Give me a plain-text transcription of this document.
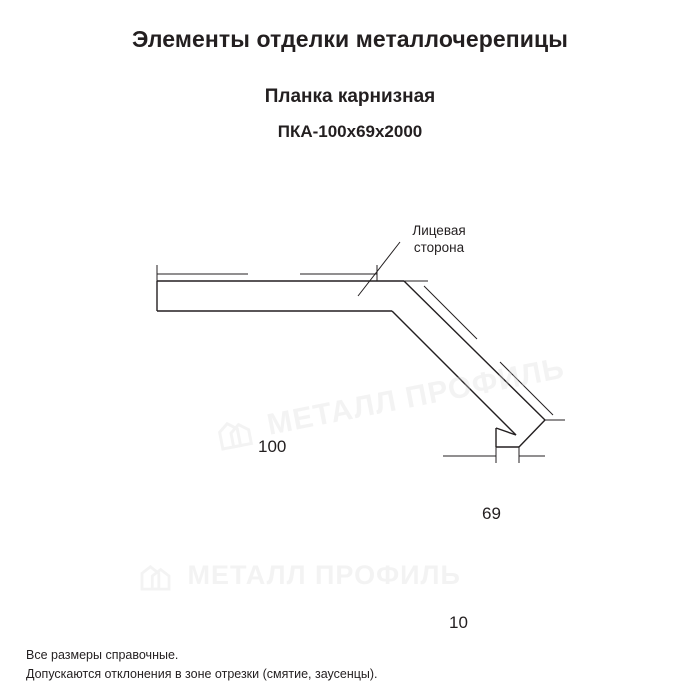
Элементы отделки металлочерепицы
Планка карнизная
ПКА-100x69x2000
МЕТАЛЛ ПРОФИЛЬ
МЕТАЛЛ ПРОФИЛЬ
Лицевая
сторона
100
69
10
Все размеры справочные.
Допускаются отклонения в зоне отрезки (смятие, заусенцы).
